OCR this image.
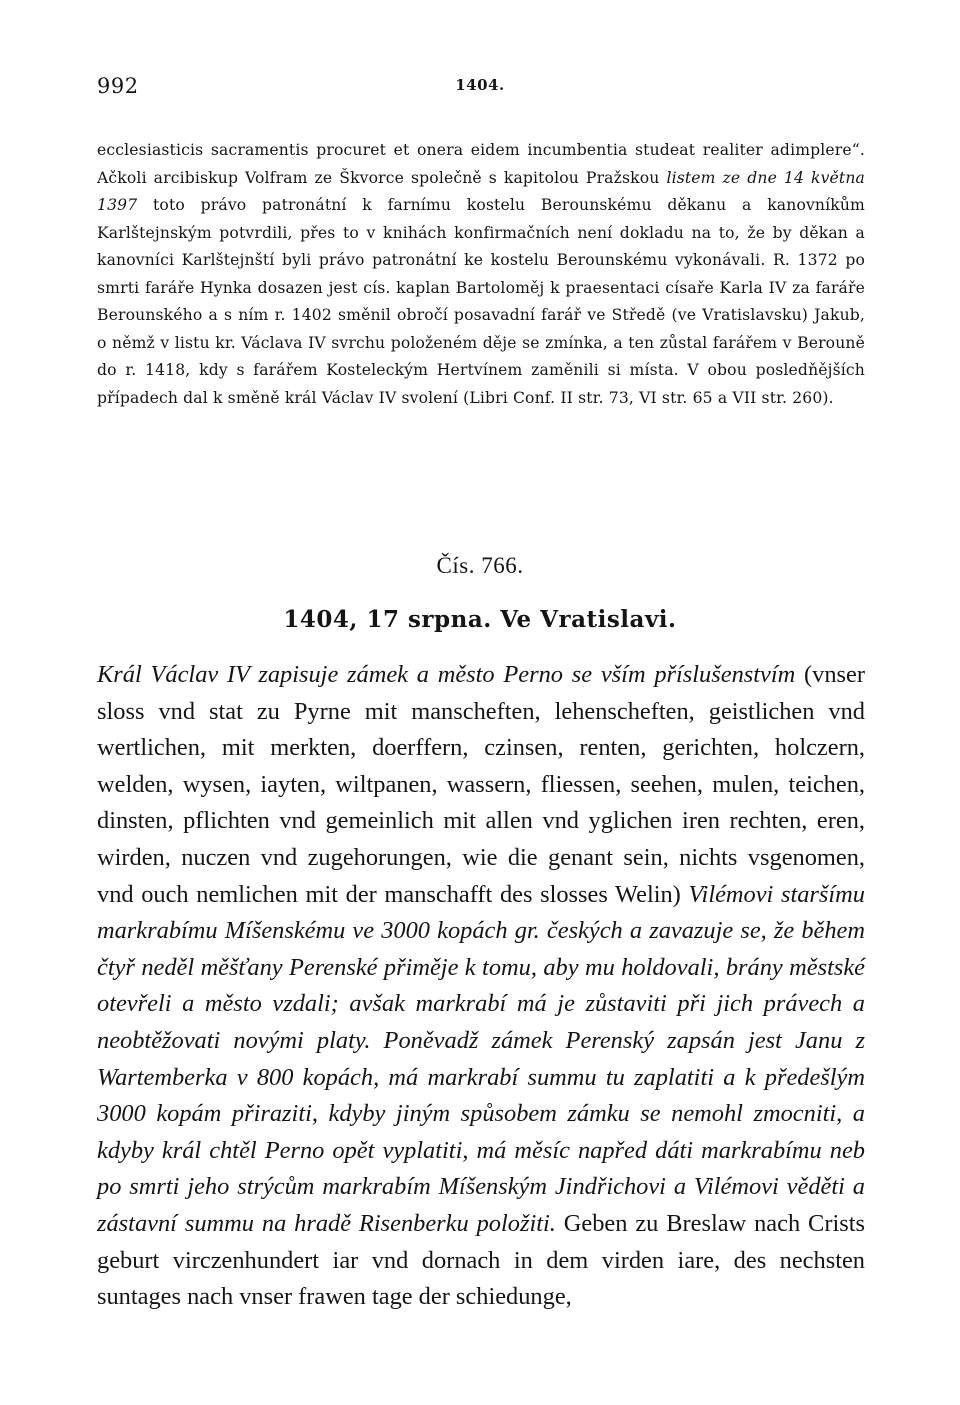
992	1404.

ecclesiasticis sacramentis procuret et onera eidem incumbentia studeat realiter adimplere“. Ačkoli arcibiskup Volfram ze Škvorce společně s kapitolou Pražskou listem ze dne 14 května 1397 toto právo patronátní k farnímu kostelu Berounskému děkanu a kanovníkům Karlštejnským potvrdili, přes to v knihách konfirmačních není dokladu na to, že by děkan a kanovníci Karlštejnští byli právo patronátní ke kostelu Berounskému vykonávali. R. 1372 po smrti faráře Hynka dosazen jest cís. kaplan Bartoloměj k praesentaci císaře Karla IV za faráře Berounského a s ním r. 1402 směnil obročí posavadní farář ve Středě (ve Vratislavsku) Jakub, o němž v listu kr. Václava IV svrchu položeném děje se zmínka, a ten zůstal farářem v Berouně do r. 1418, kdy s farářem Kosteleckým Hertvínem zaměnili si místa. V obou posledňějších případech dal k směně král Václav IV svolení (Libri Conf. II str. 73, VI str. 65 a VII str. 260).

Čís. 766.
1404, 17 srpna. Ve Vratislavi.

Král Václav IV zapisuje zámek a město Perno se vším příslušenstvím (vnser sloss vnd stat zu Pyrne mit manscheften, lehenscheften, geistlichen vnd wertlichen, mit merkten, doerffern, czinsen, renten, gerichten, holczern, welden, wysen, iayten, wiltpanen, wassern, fliessen, seehen, mulen, teichen, dinsten, pflichten vnd gemeinlich mit allen vnd yglichen iren rechten, eren, wirden, nuczen vnd zugehorungen, wie die genant sein, nichts vsgenomen, vnd ouch nemlichen mit der manschafft des slosses Welin) Vilémovi staršímu markrabímu Míšenskému ve 3000 kopách gr. českých a zavazuje se, že během čtyř neděl měšťany Perenské přiměje k tomu, aby mu holdovali, brány městské otevřeli a město vzdali; avšak markrabí má je zůstaviti při jich právech a neobtěžovati novými platy. Poněvadž zámek Perenský zapsán jest Janu z Wartemberka v 800 kopách, má markrabí summu tu zaplatiti a k předešlým 3000 kopám přiraziti, kdyby jiným spůsobem zámku se nemohl zmocniti, a kdyby král chtěl Perno opět vyplatiti, má měsíc napřed dáti markrabímu neb po smrti jeho strýcům markrabím Míšenským Jindřichovi a Vilémovi věděti a zástavní summu na hradě Risenberku položiti. Geben zu Breslaw nach Crists geburt virczenhundert iar vnd dornach in dem virden iare, des nechsten suntages nach vnser frawen tage der schiedunge,
